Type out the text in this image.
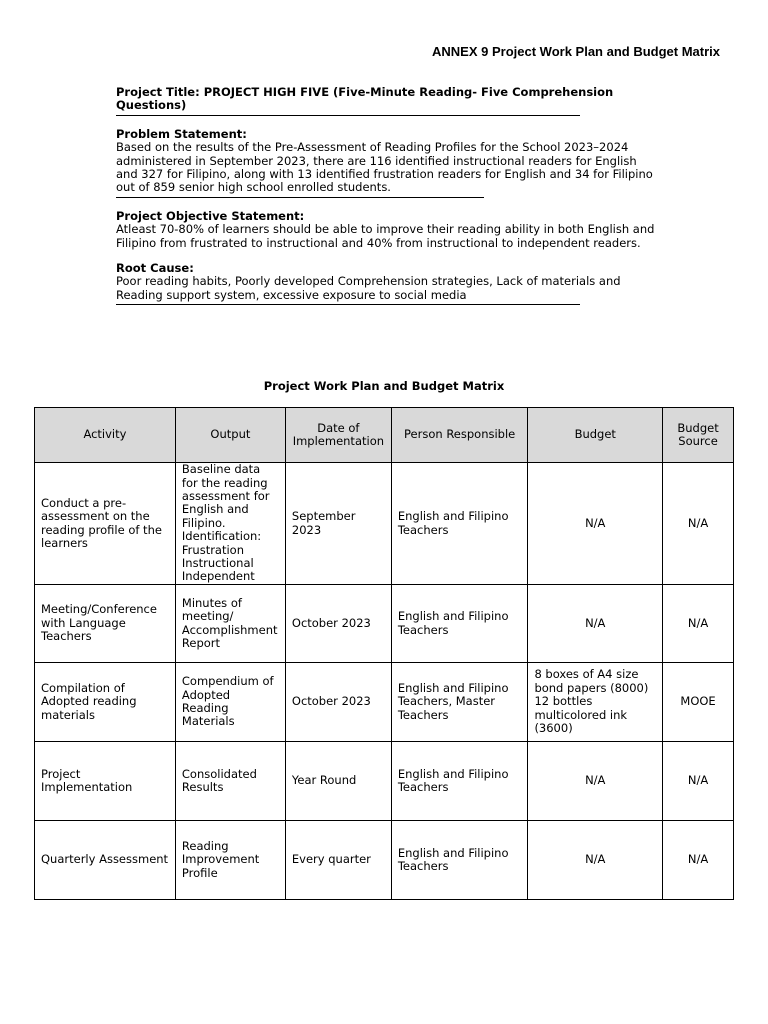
ANNEX 9 Project Work Plan and Budget Matrix

Project Title: PROJECT HIGH FIVE (Five-Minute Reading- Five Comprehension Questions)

Problem Statement:

Based on the results of the Pre-Assessment of Reading Profiles for the School 2023–2024 administered in September 2023, there are 116 identified instructional readers for English and 327 for Filipino, along with 13 identified frustration readers for English and 34 for Filipino out of 859 senior high school enrolled students.

Project Objective Statement:

Atleast 70-80% of learners should be able to improve their reading ability in both English and Filipino from frustrated to instructional and 40% from instructional to independent readers.

Root Cause:

Poor reading habits, Poorly developed Comprehension strategies, Lack of materials and Reading support system, excessive exposure to social media

Project Work Plan and Budget Matrix
Activity	Output	Date of Implementation	Person Responsible	Budget	Budget Source
Conduct a pre-assessment on the reading profile of the learners	Baseline data for the reading assessment for English and Filipino. Identification: Frustration Instructional Independent	September 2023	English and Filipino Teachers	N/A	N/A
Meeting/Conference with Language Teachers	Minutes of meeting/ Accomplishment Report	October 2023	English and Filipino Teachers	N/A	N/A
Compilation of Adopted reading materials	Compendium of Adopted Reading Materials	October 2023	English and Filipino Teachers, Master Teachers	8 boxes of A4 size bond papers (8000) 12 bottles multicolored ink (3600)	MOOE
Project Implementation	Consolidated Results	Year Round	English and Filipino Teachers	N/A	N/A
Quarterly Assessment	Reading Improvement Profile	Every quarter	English and Filipino Teachers	N/A	N/A
